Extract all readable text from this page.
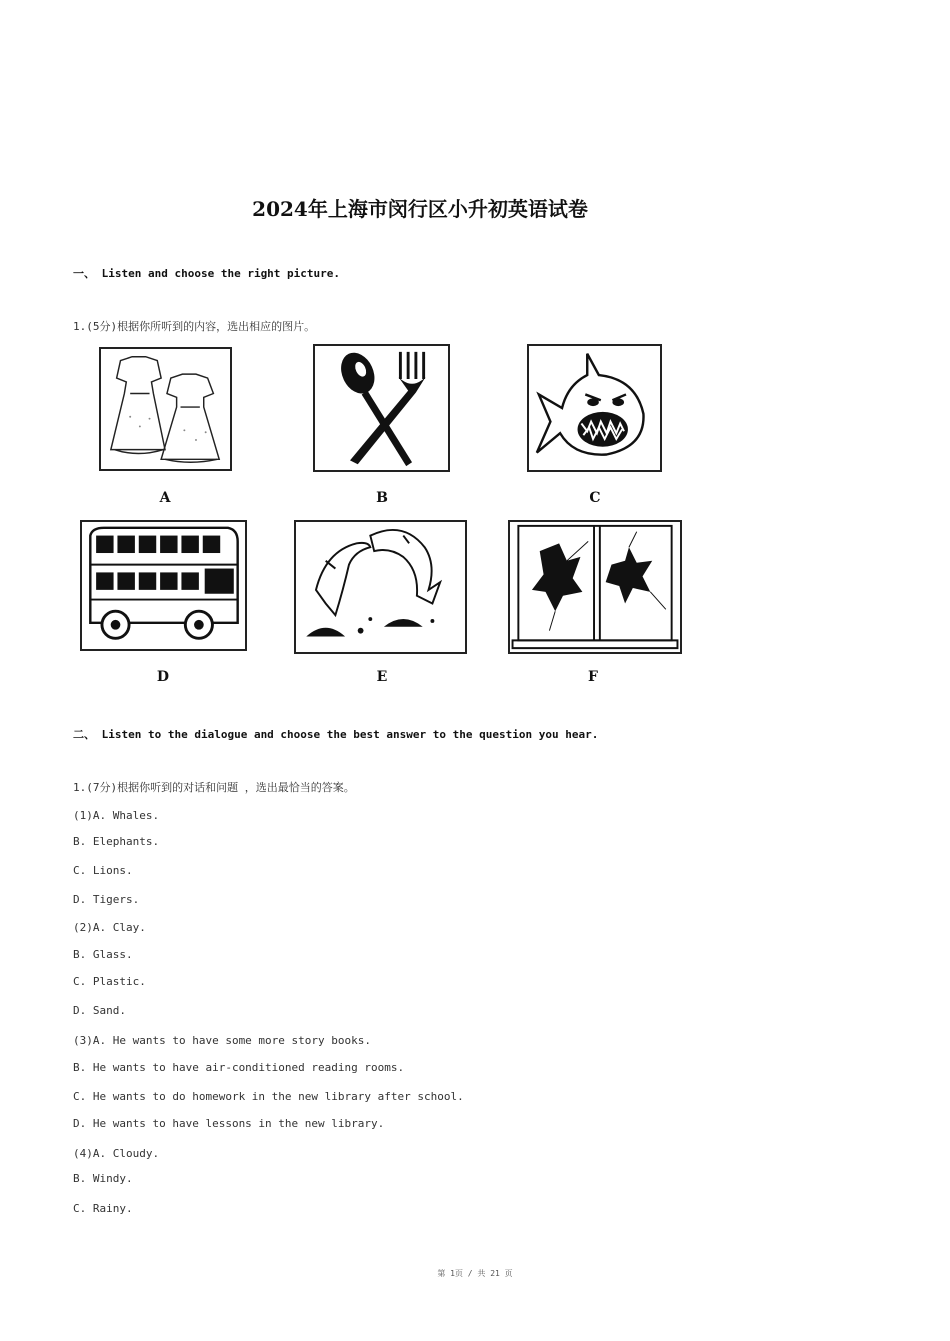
2024年上海市闵行区小升初英语试卷
一、 Listen and choose the right picture.
1.(5分)根据你所听到的内容，选出相应的图片。
A	B	C
D	E	F
二、 Listen to the dialogue and choose the best answer to the question you hear.
1.(7分)根据你听到的对话和问题 ，选出最恰当的答案。
(1)A. Whales.
B. Elephants.
C. Lions.
D. Tigers.
(2)A. Clay.
B. Glass.
C. Plastic.
D. Sand.
(3)A. He wants to have some more story books.
B. He wants to have air-conditioned reading rooms.
C. He wants to do homework in the new library after school.
D. He wants to have lessons in the new library.
(4)A. Cloudy.
B. Windy.
C. Rainy.
第 1页 / 共 21 页
